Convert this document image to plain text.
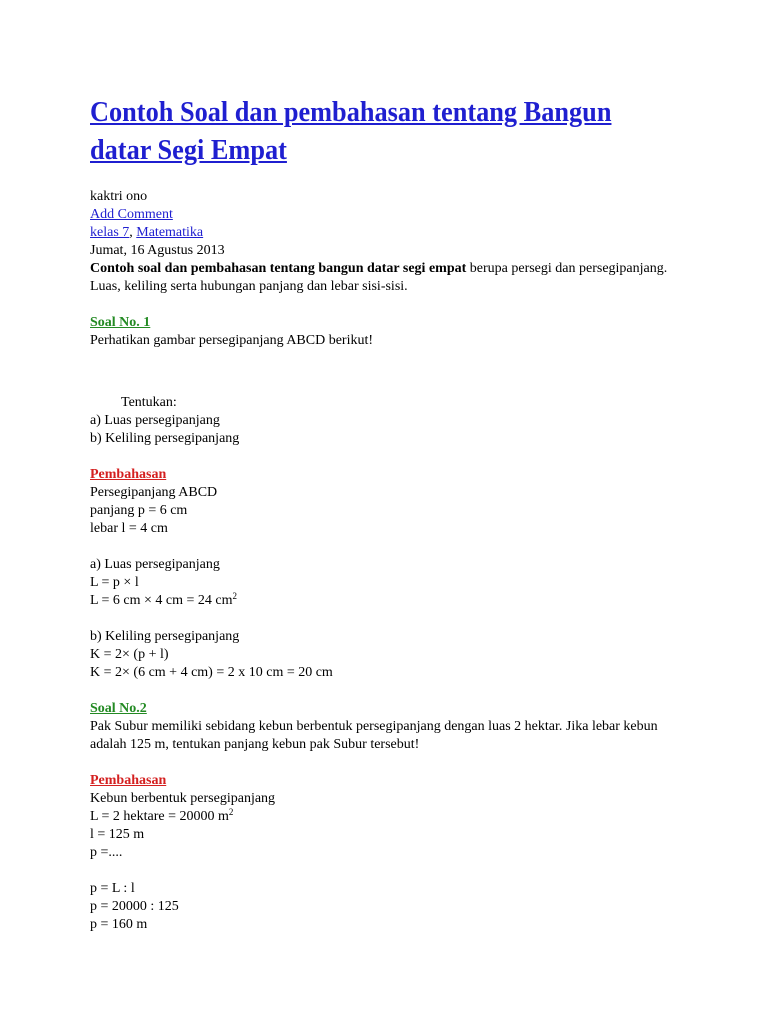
Contoh Soal dan pembahasan tentang Bangun datar Segi Empat
kaktri ono
Add Comment
kelas 7, Matematika
Jumat, 16 Agustus 2013
Contoh soal dan pembahasan tentang bangun datar segi empat berupa persegi dan persegipanjang. Luas, keliling serta hubungan panjang dan lebar sisi-sisi.
Soal No. 1
Perhatikan gambar persegipanjang ABCD berikut!
Tentukan:
a) Luas persegipanjang
b) Keliling persegipanjang
Pembahasan
Persegipanjang ABCD
panjang p = 6 cm
lebar l = 4 cm
a) Luas persegipanjang
L = p × l
L = 6 cm × 4 cm = 24 $cm^2$
b) Keliling persegipanjang
K = 2× (p + l)
K = 2× (6 cm + 4 cm) = 2 x 10 cm = 20 cm
Soal No.2
Pak Subur memiliki sebidang kebun berbentuk persegipanjang dengan luas 2 hektar. Jika lebar kebun adalah 125 m, tentukan panjang kebun pak Subur tersebut!
Pembahasan
Kebun berbentuk persegipanjang
L = 2 hektare = 20000 $m^2$
l = 125 m
p =....
p = L : l
p = 20000 : 125
p = 160 m
